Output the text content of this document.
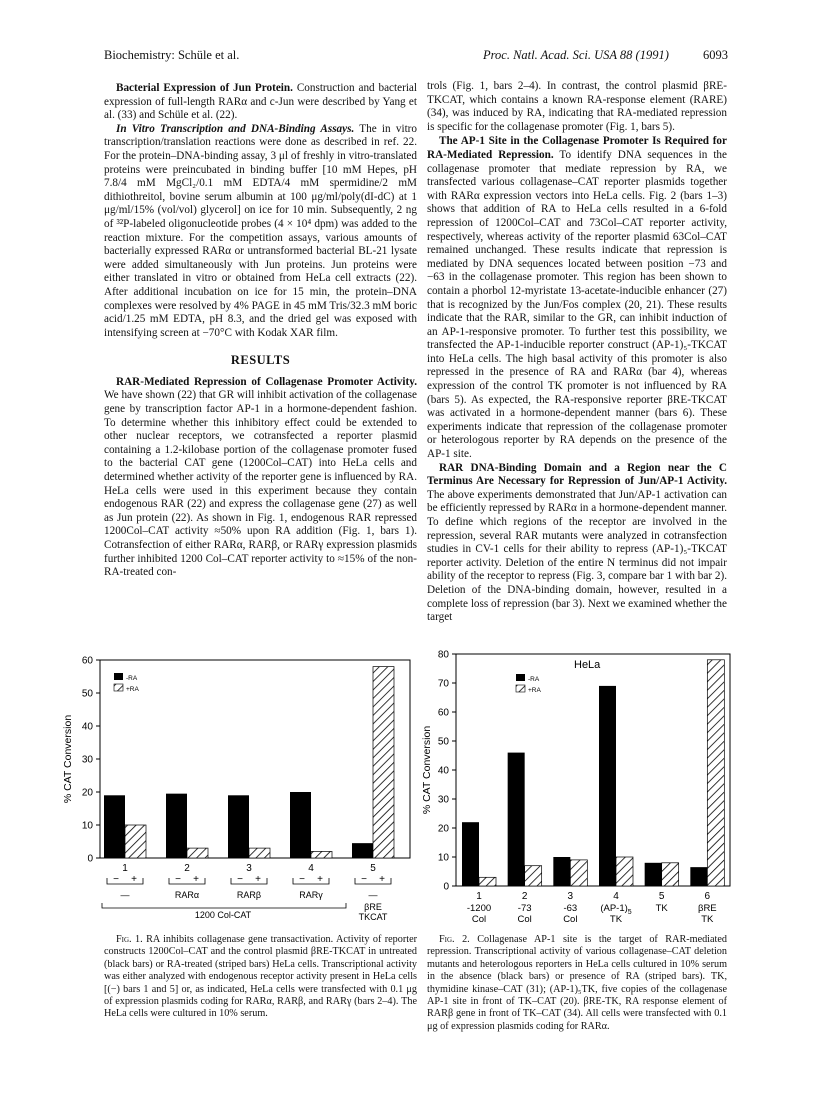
Biochemistry: Schüle et al.	Proc. Natl. Acad. Sci. USA 88 (1991)	6093

Bacterial Expression of Jun Protein. Construction and bacterial expression of full-length RARα and c-Jun were described by Yang et al. (33) and Schüle et al. (22).

In Vitro Transcription and DNA-Binding Assays. The in vitro transcription/translation reactions were done as described in ref. 22. For the protein–DNA-binding assay, 3 μl of freshly in vitro-translated proteins were preincubated in binding buffer [10 mM Hepes, pH 7.8/4 mM MgCl₂/0.1 mM EDTA/4 mM spermidine/2 mM dithiothreitol, bovine serum albumin at 100 μg/ml/poly(dI-dC) at 1 μg/ml/15% (vol/vol) glycerol] on ice for 10 min. Subsequently, 2 ng of ³²P-labeled oligonucleotide probes (4 × 10⁴ dpm) was added to the reaction mixture. For the competition assays, various amounts of bacterially expressed RARα or untransformed bacterial BL-21 lysate were added simultaneously with Jun proteins. Jun proteins were either translated in vitro or obtained from HeLa cell extracts (22). After additional incubation on ice for 15 min, the protein–DNA complexes were resolved by 4% PAGE in 45 mM Tris/32.3 mM boric acid/1.25 mM EDTA, pH 8.3, and the dried gel was exposed with intensifying screen at −70°C with Kodak XAR film.

RESULTS

RAR-Mediated Repression of Collagenase Promoter Activity. We have shown (22) that GR will inhibit activation of the collagenase gene by transcription factor AP-1 in a hormone-dependent fashion. To determine whether this inhibitory effect could be extended to other nuclear receptors, we cotransfected a reporter plasmid containing a 1.2-kilobase portion of the collagenase promoter fused to the bacterial CAT gene (1200Col–CAT) into HeLa cells and determined whether activity of the reporter gene is influenced by RA. HeLa cells were used in this experiment because they contain endogenous RAR (22) and express the collagenase gene (27) as well as Jun protein (22). As shown in Fig. 1, endogenous RAR repressed 1200Col–CAT activity ≈50% upon RA addition (Fig. 1, bars 1). Cotransfection of either RARα, RARβ, or RARγ expression plasmids further inhibited 1200 Col–CAT reporter activity to ≈15% of the non-RA-treated con-

trols (Fig. 1, bars 2–4). In contrast, the control plasmid βRE-TKCAT, which contains a known RA-response element (RARE) (34), was induced by RA, indicating that RA-mediated repression is specific for the collagenase promoter (Fig. 1, bars 5).

The AP-1 Site in the Collagenase Promoter Is Required for RA-Mediated Repression. To identify DNA sequences in the collagenase promoter that mediate repression by RA, we transfected various collagenase–CAT reporter plasmids together with RARα expression vectors into HeLa cells. Fig. 2 (bars 1–3) shows that addition of RA to HeLa cells resulted in a 6-fold repression of 1200Col–CAT and 73Col–CAT reporter activity, respectively, whereas activity of the reporter plasmid 63Col–CAT remained unchanged. These results indicate that repression is mediated by DNA sequences located between position −73 and −63 in the collagenase promoter. This region has been shown to contain a phorbol 12-myristate 13-acetate-inducible enhancer (27) that is recognized by the Jun/Fos complex (20, 21). These results indicate that the RAR, similar to the GR, can inhibit induction of an AP-1-responsive promoter. To further test this possibility, we transfected the AP-1-inducible reporter construct (AP-1)₅-TKCAT into HeLa cells. The high basal activity of this promoter is also repressed in the presence of RA and RARα (bar 4), whereas expression of the control TK promoter is not influenced by RA (bars 5). As expected, the RA-responsive reporter βRE-TKCAT was activated in a hormone-dependent manner (bars 6). These experiments indicate that repression of the collagenase promoter or heterologous reporter by RA depends on the presence of the AP-1 site.

RAR DNA-Binding Domain and a Region near the C Terminus Are Necessary for Repression of Jun/AP-1 Activity. The above experiments demonstrated that Jun/AP-1 activation can be efficiently repressed by RARα in a hormone-dependent manner. To define which regions of the receptor are involved in the repression, several RAR mutants were analyzed in cotransfection studies in CV-1 cells for their ability to repress (AP-1)₅-TKCAT reporter activity. Deletion of the entire N terminus did not impair ability of the receptor to repress (Fig. 3, compare bar 1 with bar 2). Deletion of the DNA-binding domain, however, resulted in a complete loss of repression (bar 3). Next we examined whether the target

0
10
20
30
40
50
60
% CAT Conversion
-RA
+RA
1
− +
—
2
− +
RARα
3
− +
RARβ
4
− +
RARγ
5
− +
—
1200 Col-CAT
βRE
TKCAT
0
10
20
30
40
50
60
70
80
% CAT Conversion
HeLa
-RA
+RA
1
-1200
Col
2
-73
Col
3
-63
Col
4
$(AP-1)_5$
TK
5
TK
6
βRE
TK

Fig. 1. RA inhibits collagenase gene transactivation. Activity of reporter constructs 1200Col–CAT and the control plasmid βRE-TKCAT in untreated (black bars) or RA-treated (striped bars) HeLa cells. Transcriptional activity was either analyzed with endogenous receptor activity present in HeLa cells [(−) bars 1 and 5] or, as indicated, HeLa cells were transfected with 0.1 μg of expression plasmids coding for RARα, RARβ, and RARγ (bars 2–4). The HeLa cells were cultured in 10% serum.

Fig. 2. Collagenase AP-1 site is the target of RAR-mediated repression. Transcriptional activity of various collagenase–CAT deletion mutants and heterologous reporters in HeLa cells cultured in 10% serum in the absence (black bars) or presence of RA (striped bars). TK, thymidine kinase–CAT (31); (AP-1)₅TK, five copies of the collagenase AP-1 site in front of TK–CAT (20). βRE-TK, RA response element of RARβ gene in front of TK–CAT (34). All cells were transfected with 0.1 μg of expression plasmids coding for RARα.
